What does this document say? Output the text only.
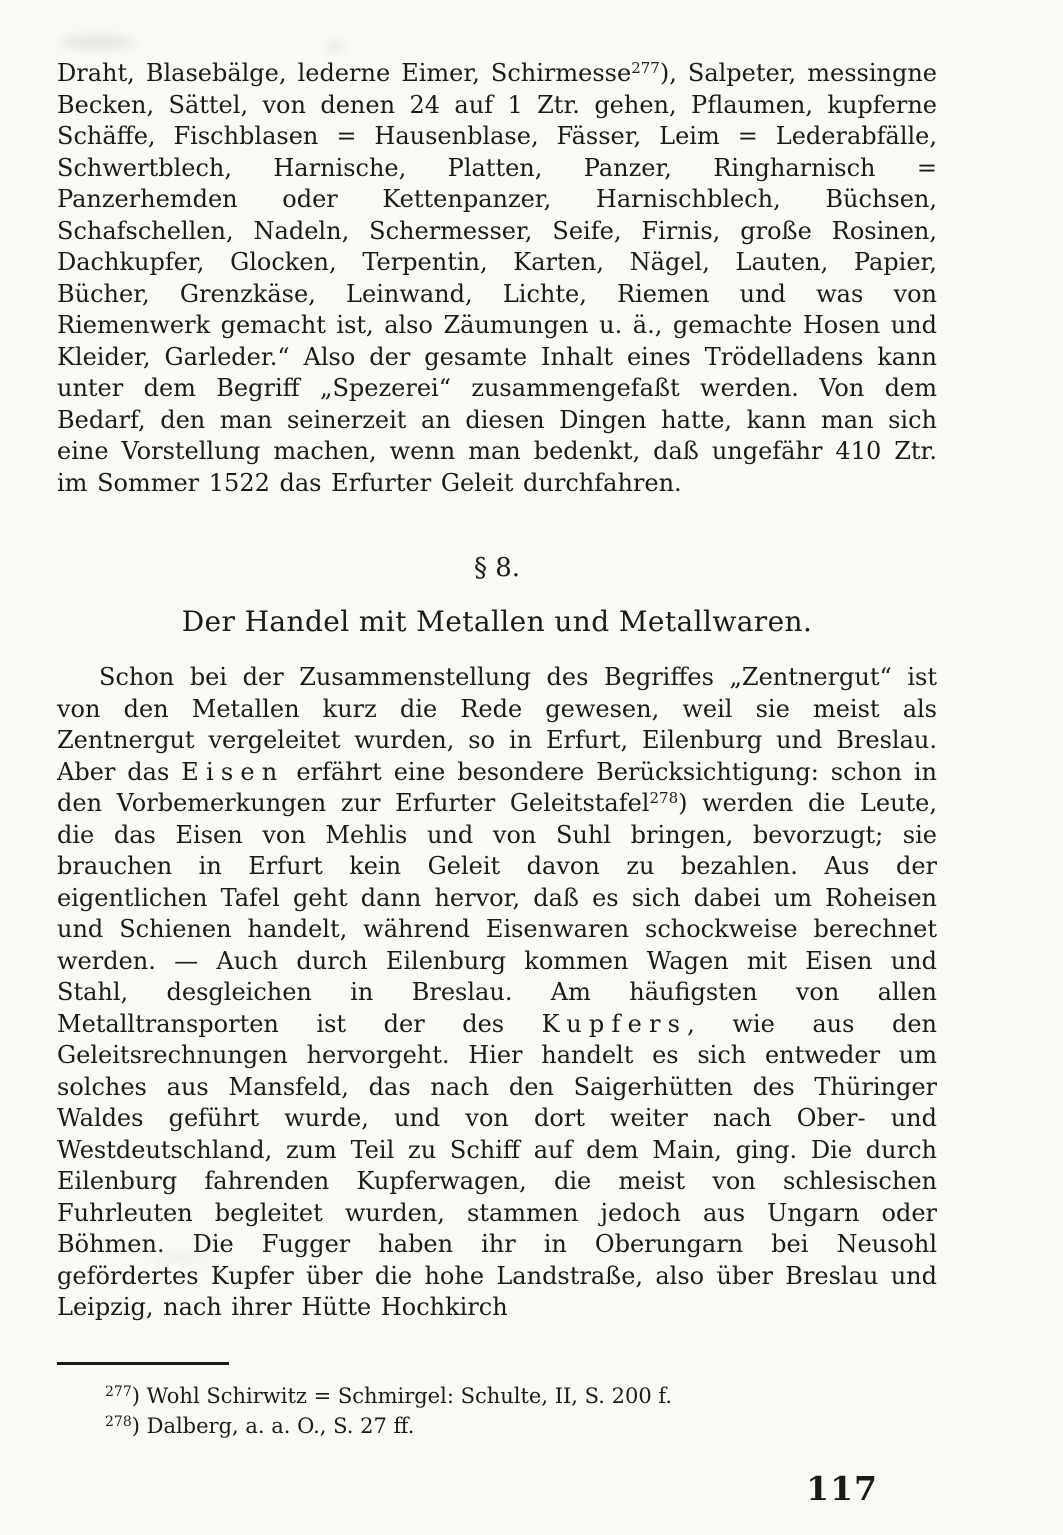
Draht, Blasebälge, lederne Eimer, Schirmesse$^{277}$), Salpeter, messingne Becken, Sättel, von denen 24 auf 1 Ztr. gehen, Pflaumen, kupferne Schäffe, Fischblasen = Hausenblase, Fässer, Leim = Lederabfälle, Schwertblech, Harnische, Platten, Panzer, Ringharnisch = Panzerhemden oder Kettenpanzer, Harnischblech, Büchsen, Schafschellen, Nadeln, Schermesser, Seife, Firnis, große Rosinen, Dachkupfer, Glocken, Terpentin, Karten, Nägel, Lauten, Papier, Bücher, Grenzkäse, Leinwand, Lichte, Riemen und was von Riemenwerk gemacht ist, also Zäumungen u. ä., gemachte Hosen und Kleider, Garleder.“ Also der gesamte Inhalt eines Trödelladens kann unter dem Begriff „Spezerei“ zusammengefaßt werden. Von dem Bedarf, den man seinerzeit an diesen Dingen hatte, kann man sich eine Vorstellung machen, wenn man bedenkt, daß ungefähr 410 Ztr. im Sommer 1522 das Erfurter Geleit durchfahren.

§ 8.
Der Handel mit Metallen und Metallwaren.

Schon bei der Zusammenstellung des Begriffes „Zentnergut“ ist von den Metallen kurz die Rede gewesen, weil sie meist als Zentnergut vergeleitet wurden, so in Erfurt, Eilenburg und Breslau. Aber das Eisen erfährt eine besondere Berücksichtigung: schon in den Vorbemerkungen zur Erfurter Geleitstafel$^{278}$) werden die Leute, die das Eisen von Mehlis und von Suhl bringen, bevorzugt; sie brauchen in Erfurt kein Geleit davon zu bezahlen. Aus der eigentlichen Tafel geht dann hervor, daß es sich dabei um Roheisen und Schienen handelt, während Eisenwaren schockweise berechnet werden. — Auch durch Eilenburg kommen Wagen mit Eisen und Stahl, desgleichen in Breslau. Am häufigsten von allen Metalltransporten ist der des Kupfers, wie aus den Geleitsrechnungen hervorgeht. Hier handelt es sich entweder um solches aus Mansfeld, das nach den Saigerhütten des Thüringer Waldes geführt wurde, und von dort weiter nach Ober- und Westdeutschland, zum Teil zu Schiff auf dem Main, ging. Die durch Eilenburg fahrenden Kupferwagen, die meist von schlesischen Fuhrleuten begleitet wurden, stammen jedoch aus Ungarn oder Böhmen. Die Fugger haben ihr in Oberungarn bei Neusohl gefördertes Kupfer über die hohe Landstraße, also über Breslau und Leipzig, nach ihrer Hütte Hochkirch

$^{277}$) Wohl Schirwitz = Schmirgel: Schulte, II, S. 200 f.

$^{278}$) Dalberg, a. a. O., S. 27 ff.

117
